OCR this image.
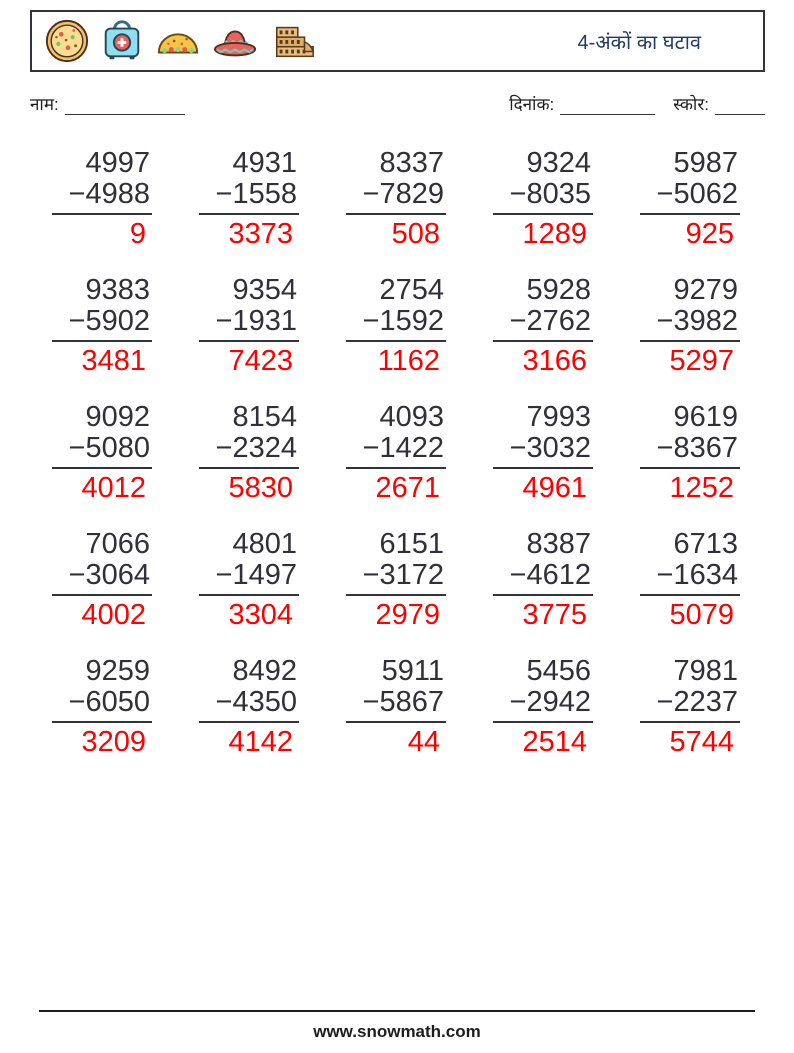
4-अंकों का घटाव
नाम:	दिनांक:	स्कोर:
4997
−4988
9
4931
−1558
3373
8337
−7829
508
9324
−8035
1289
5987
−5062
925
9383
−5902
3481
9354
−1931
7423
2754
−1592
1162
5928
−2762
3166
9279
−3982
5297
9092
−5080
4012
8154
−2324
5830
4093
−1422
2671
7993
−3032
4961
9619
−8367
1252
7066
−3064
4002
4801
−1497
3304
6151
−3172
2979
8387
−4612
3775
6713
−1634
5079
9259
−6050
3209
8492
−4350
4142
5911
−5867
44
5456
−2942
2514
7981
−2237
5744
www.snowmath.com
